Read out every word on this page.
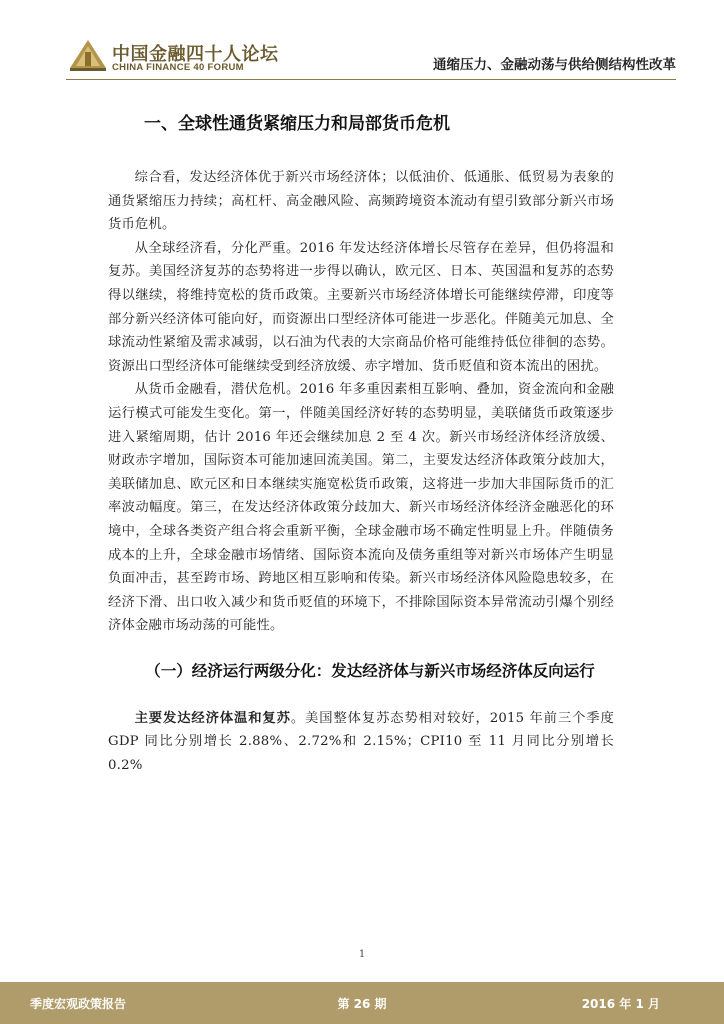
中国金融四十人论坛
CHINA FINANCE 40 FORUM	通缩压力、金融动荡与供给侧结构性改革
一、全球性通货紧缩压力和局部货币危机

综合看，发达经济体优于新兴市场经济体；以低油价、低通胀、低贸易为表象的通货紧缩压力持续；高杠杆、高金融风险、高频跨境资本流动有望引致部分新兴市场货币危机。

从全球经济看，分化严重。2016 年发达经济体增长尽管存在差异，但仍将温和复苏。美国经济复苏的态势将进一步得以确认，欧元区、日本、英国温和复苏的态势得以继续，将维持宽松的货币政策。主要新兴市场经济体增长可能继续停滞，印度等部分新兴经济体可能向好，而资源出口型经济体可能进一步恶化。伴随美元加息、全球流动性紧缩及需求减弱，以石油为代表的大宗商品价格可能维持低位徘徊的态势。资源出口型经济体可能继续受到经济放缓、赤字增加、货币贬值和资本流出的困扰。

从货币金融看，潜伏危机。2016 年多重因素相互影响、叠加，资金流向和金融运行模式可能发生变化。第一，伴随美国经济好转的态势明显，美联储货币政策逐步进入紧缩周期，估计 2016 年还会继续加息 2 至 4 次。新兴市场经济体经济放缓、财政赤字增加，国际资本可能加速回流美国。第二，主要发达经济体政策分歧加大，美联储加息、欧元区和日本继续实施宽松货币政策，这将进一步加大非国际货币的汇率波动幅度。第三，在发达经济体政策分歧加大、新兴市场经济体经济金融恶化的环境中，全球各类资产组合将会重新平衡，全球金融市场不确定性明显上升。伴随债务成本的上升，全球金融市场情绪、国际资本流向及债务重组等对新兴市场体产生明显负面冲击，甚至跨市场、跨地区相互影响和传染。新兴市场经济体风险隐患较多，在经济下滑、出口收入减少和货币贬值的环境下，不排除国际资本异常流动引爆个别经济体金融市场动荡的可能性。

（一）经济运行两级分化：发达经济体与新兴市场经济体反向运行

主要发达经济体温和复苏。美国整体复苏态势相对较好，2015 年前三个季度 GDP 同比分别增长 2.88%、2.72%和 2.15%；CPI10 至 11 月同比分别增长 0.2%

1
季度宏观政策报告	第 26 期	2016 年 1 月
